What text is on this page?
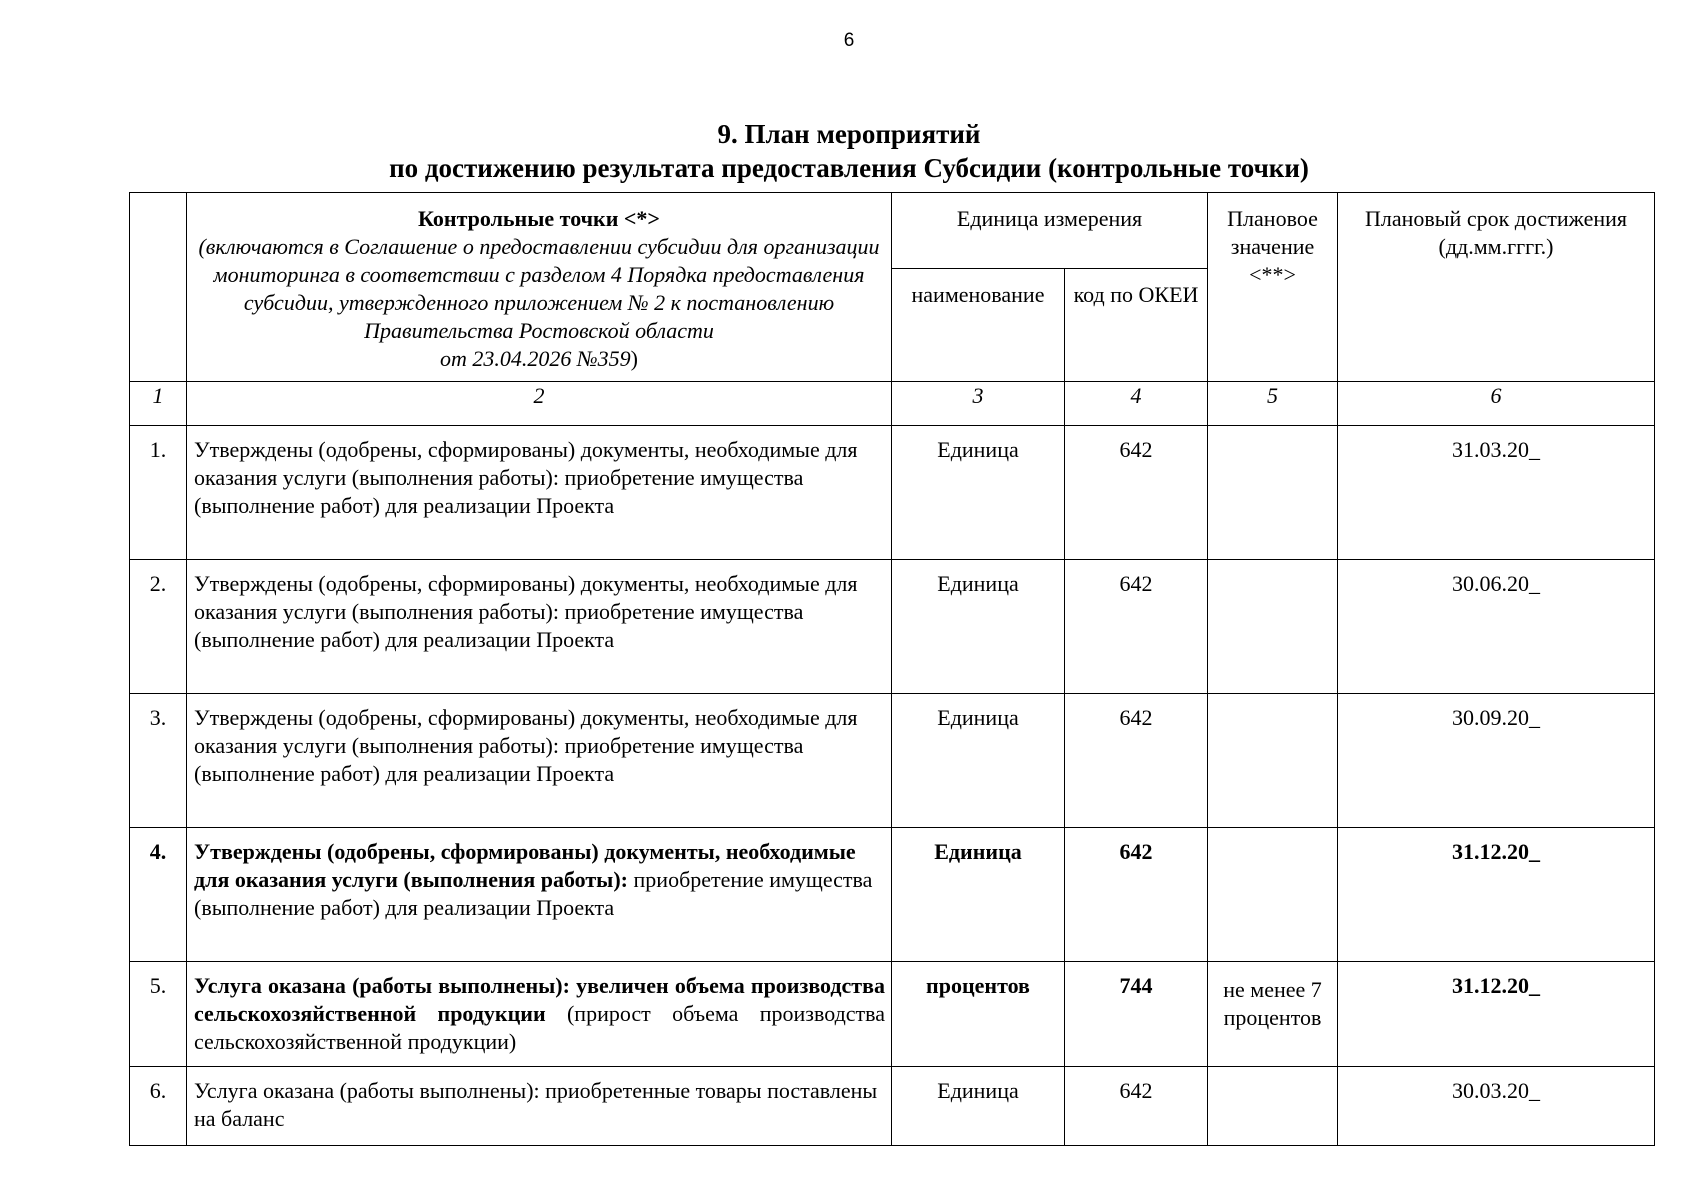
6
9. План мероприятий
по достижению результата предоставления Субсидии (контрольные точки)

	Контрольные точки <*>
(включаются в Соглашение о предоставлении субсидии для организации мониторинга в соответствии с разделом 4 Порядка предоставления субсидии, утвержденного приложением № 2 к постановлению Правительства Ростовской области
от 23.04.2026 №359)	Единица измерения		Плановое значение <**>	Плановый срок достижения (дд.мм.гггг.)
		наименование	код по ОКЕИ		
1	2	3	4	5	6
1.	Утверждены (одобрены, сформированы) документы, необходимые для оказания услуги (выполнения работы): приобретение имущества (выполнение работ) для реализации Проекта	Единица	642		31.03.20_
2.	Утверждены (одобрены, сформированы) документы, необходимые для оказания услуги (выполнения работы): приобретение имущества (выполнение работ) для реализации Проекта	Единица	642		30.06.20_
3.	Утверждены (одобрены, сформированы) документы, необходимые для оказания услуги (выполнения работы): приобретение имущества (выполнение работ) для реализации Проекта	Единица	642		30.09.20_
4.	Утверждены (одобрены, сформированы) документы, необходимые для оказания услуги (выполнения работы): приобретение имущества (выполнение работ) для реализации Проекта	Единица	642		31.12.20_
5.	Услуга оказана (работы выполнены): увеличен объема производства сельскохозяйственной продукции (прирост объема производства сельскохозяйственной продукции)	процентов	744	не менее 7 процентов	31.12.20_
6.	Услуга оказана (работы выполнены): приобретенные товары поставлены на баланс	Единица	642		30.03.20_
